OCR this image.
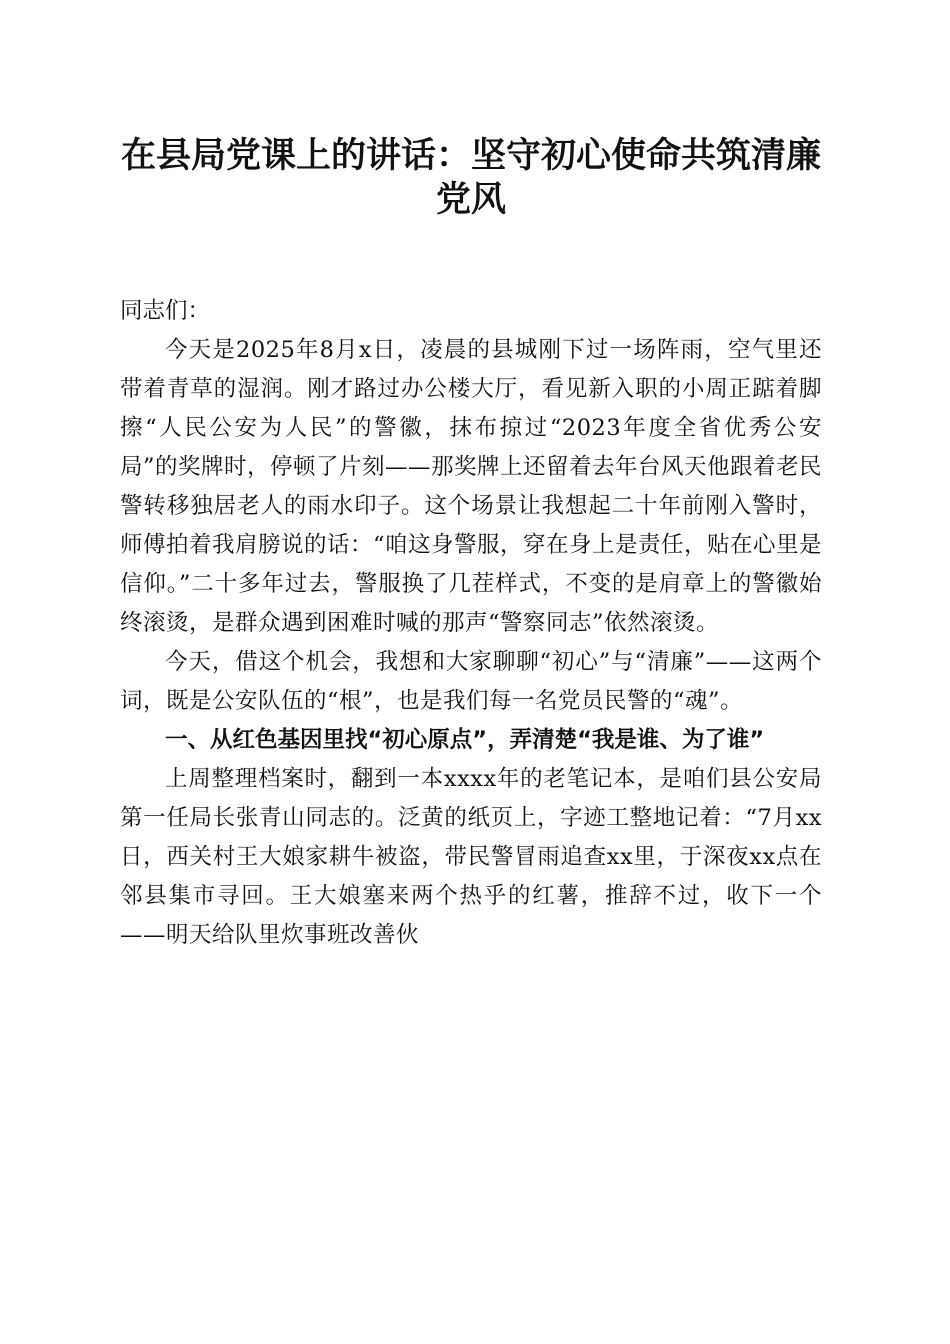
在县局党课上的讲话：坚守初心使命共筑清廉党风
同志们：

今天是2025年8月x日，凌晨的县城刚下过一场阵雨，空气里还带着青草的湿润。刚才路过办公楼大厅，看见新入职的小周正踮着脚擦“人民公安为人民”的警徽，抹布掠过“2023年度全省优秀公安局”的奖牌时，停顿了片刻——那奖牌上还留着去年台风天他跟着老民警转移独居老人的雨水印子。这个场景让我想起二十年前刚入警时，师傅拍着我肩膀说的话：“咱这身警服，穿在身上是责任，贴在心里是信仰。”二十多年过去，警服换了几茬样式，不变的是肩章上的警徽始终滚烫，是群众遇到困难时喊的那声“警察同志”依然滚烫。

今天，借这个机会，我想和大家聊聊“初心”与“清廉”——这两个词，既是公安队伍的“根”，也是我们每一名党员民警的“魂”。

一、从红色基因里找“初心原点”，弄清楚“我是谁、为了谁”

上周整理档案时，翻到一本xxxx年的老笔记本，是咱们县公安局第一任局长张青山同志的。泛黄的纸页上，字迹工整地记着：“7月xx日，西关村王大娘家耕牛被盗，带民警冒雨追查xx里，于深夜xx点在邻县集市寻回。王大娘塞来两个热乎的红薯，推辞不过，收下一个——明天给队里炊事班改善伙
